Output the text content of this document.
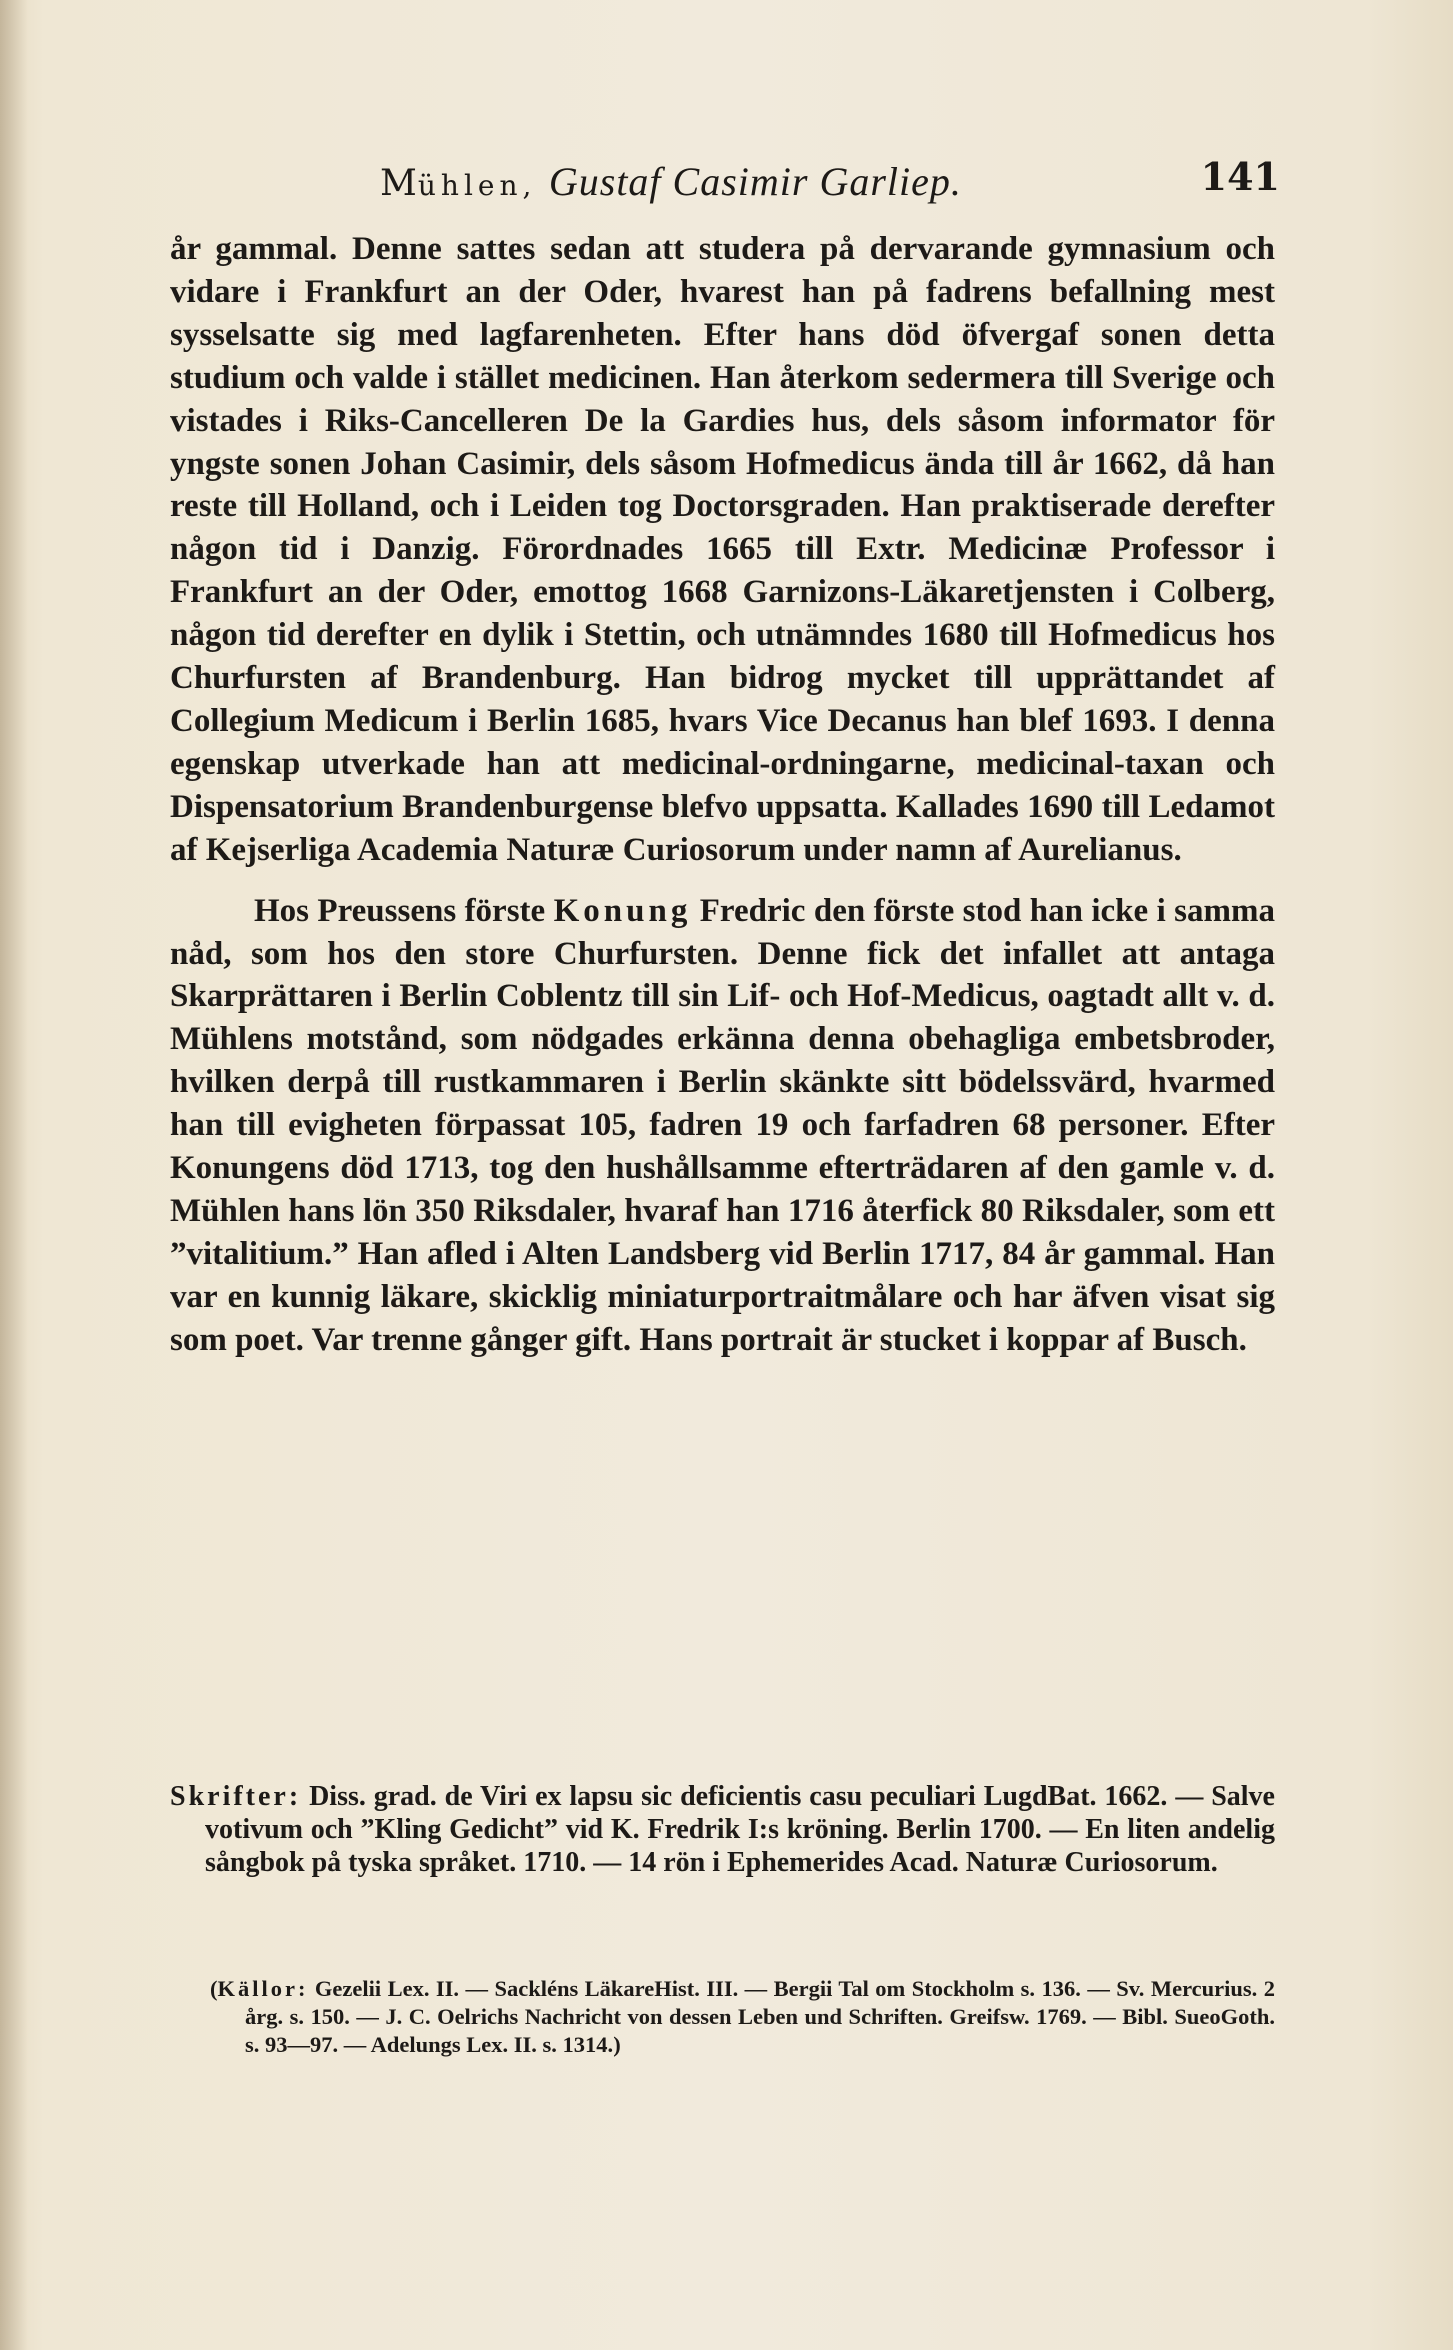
Mühlen, Gustaf Casimir Garliep.	141

år gammal. Denne sattes sedan att studera på dervarande gymnasium och vidare i Frankfurt an der Oder, hvarest han på fadrens befallning mest sysselsatte sig med lagfarenheten. Efter hans död öfvergaf sonen detta studium och valde i stället medicinen. Han återkom sedermera till Sverige och vistades i Riks-Cancelleren De la Gardies hus, dels såsom informator för yngste sonen Johan Casimir, dels såsom Hofmedicus ända till år 1662, då han reste till Holland, och i Leiden tog Doctorsgraden. Han praktiserade derefter någon tid i Danzig. Förordnades 1665 till Extr. Medicinæ Professor i Frankfurt an der Oder, emottog 1668 Garnizons-Läkaretjensten i Colberg, någon tid derefter en dylik i Stettin, och utnämndes 1680 till Hofmedicus hos Churfursten af Brandenburg. Han bidrog mycket till upprättandet af Collegium Medicum i Berlin 1685, hvars Vice Decanus han blef 1693. I denna egenskap utverkade han att medicinal-ordningarne, medicinal-taxan och Dispensatorium Brandenburgense blefvo uppsatta. Kallades 1690 till Ledamot af Kejserliga Academia Naturæ Curiosorum under namn af Aurelianus.

Hos Preussens förste Konung Fredric den förste stod han icke i samma nåd, som hos den store Churfursten. Denne fick det infallet att antaga Skarprättaren i Berlin Coblentz till sin Lif- och Hof-Medicus, oagtadt allt v. d. Mühlens motstånd, som nödgades erkänna denna obehagliga embetsbroder, hvilken derpå till rustkammaren i Berlin skänkte sitt bödelssvärd, hvarmed han till evigheten förpassat 105, fadren 19 och farfadren 68 personer. Efter Konungens död 1713, tog den hushållsamme efterträdaren af den gamle v. d. Mühlen hans lön 350 Riksdaler, hvaraf han 1716 återfick 80 Riksdaler, som ett ”vitalitium.” Han afled i Alten Landsberg vid Berlin 1717, 84 år gammal. Han var en kunnig läkare, skicklig miniaturportraitmålare och har äfven visat sig som poet. Var trenne gånger gift. Hans portrait är stucket i koppar af Busch.

Skrifter: Diss. grad. de Viri ex lapsu sic deficientis casu peculiari LugdBat. 1662. — Salve votivum och ”Kling Gedicht” vid K. Fredrik I:s kröning. Berlin 1700. — En liten andelig sångbok på tyska språket. 1710. — 14 rön i Ephemerides Acad. Naturæ Curiosorum.

(Källor: Gezelii Lex. II. — Sackléns LäkareHist. III. — Bergii Tal om Stockholm s. 136. — Sv. Mercurius. 2 årg. s. 150. — J. C. Oelrichs Nachricht von dessen Leben und Schriften. Greifsw. 1769. — Bibl. SueoGoth. s. 93—97. — Adelungs Lex. II. s. 1314.)
